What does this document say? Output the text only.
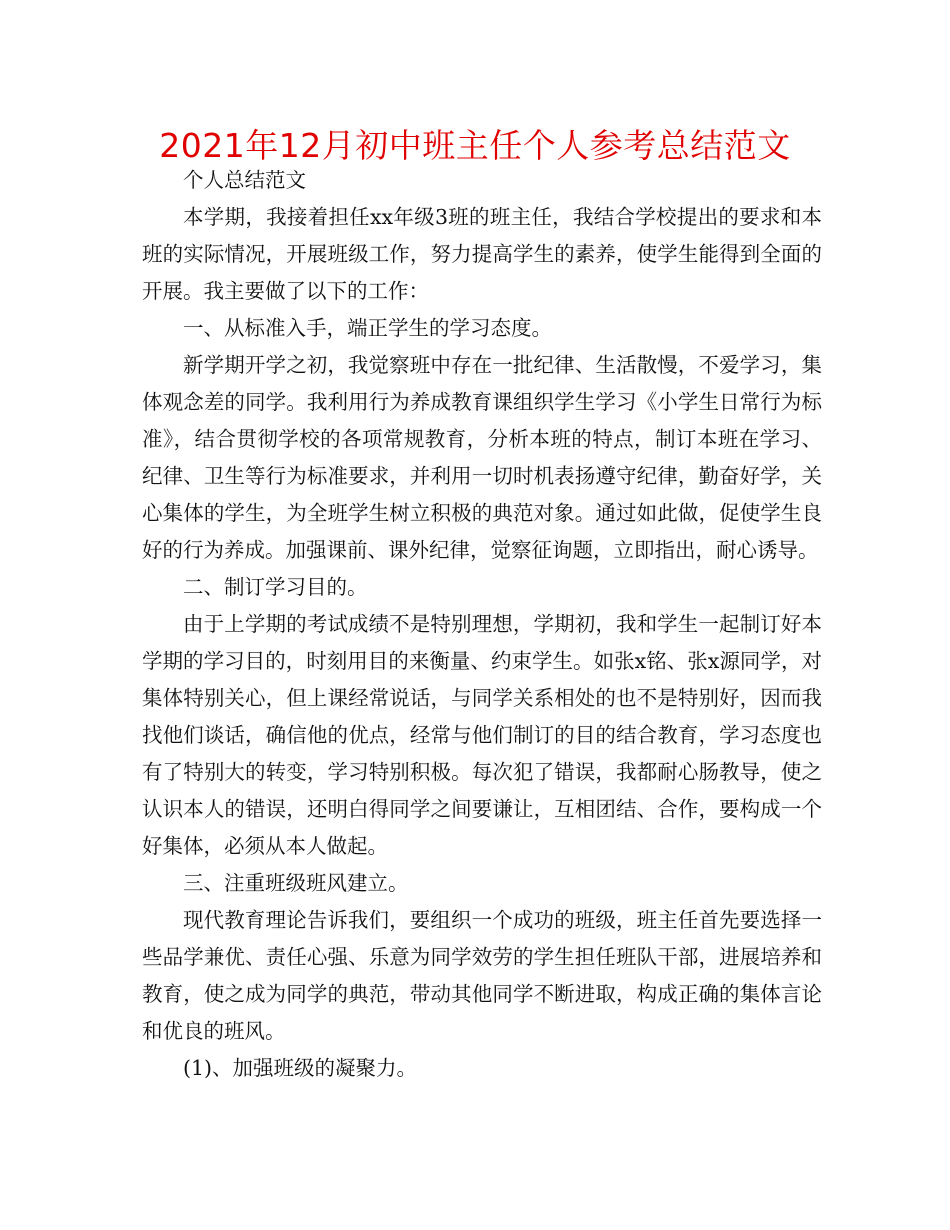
2021年12月初中班主任个人参考总结范文

个人总结范文

本学期，我接着担任xx年级3班的班主任，我结合学校提出的要求和本班的实际情况，开展班级工作，努力提高学生的素养，使学生能得到全面的开展。我主要做了以下的工作：

一、从标准入手，端正学生的学习态度。

新学期开学之初，我觉察班中存在一批纪律、生活散慢，不爱学习，集体观念差的同学。我利用行为养成教育课组织学生学习《小学生日常行为标准》，结合贯彻学校的各项常规教育，分析本班的特点，制订本班在学习、纪律、卫生等行为标准要求，并利用一切时机表扬遵守纪律，勤奋好学，关心集体的学生，为全班学生树立积极的典范对象。通过如此做，促使学生良好的行为养成。加强课前、课外纪律，觉察征询题，立即指出，耐心诱导。

二、制订学习目的。

由于上学期的考试成绩不是特别理想，学期初，我和学生一起制订好本学期的学习目的，时刻用目的来衡量、约束学生。如张x铭、张x源同学，对集体特别关心，但上课经常说话，与同学关系相处的也不是特别好，因而我找他们谈话，确信他的优点，经常与他们制订的目的结合教育，学习态度也有了特别大的转变，学习特别积极。每次犯了错误，我都耐心肠教导，使之认识本人的错误，还明白得同学之间要谦让，互相团结、合作，要构成一个好集体，必须从本人做起。

三、注重班级班风建立。

现代教育理论告诉我们，要组织一个成功的班级，班主任首先要选择一些品学兼优、责任心强、乐意为同学效劳的学生担任班队干部，进展培养和教育，使之成为同学的典范，带动其他同学不断进取，构成正确的集体言论和优良的班风。

(1)、加强班级的凝聚力。
